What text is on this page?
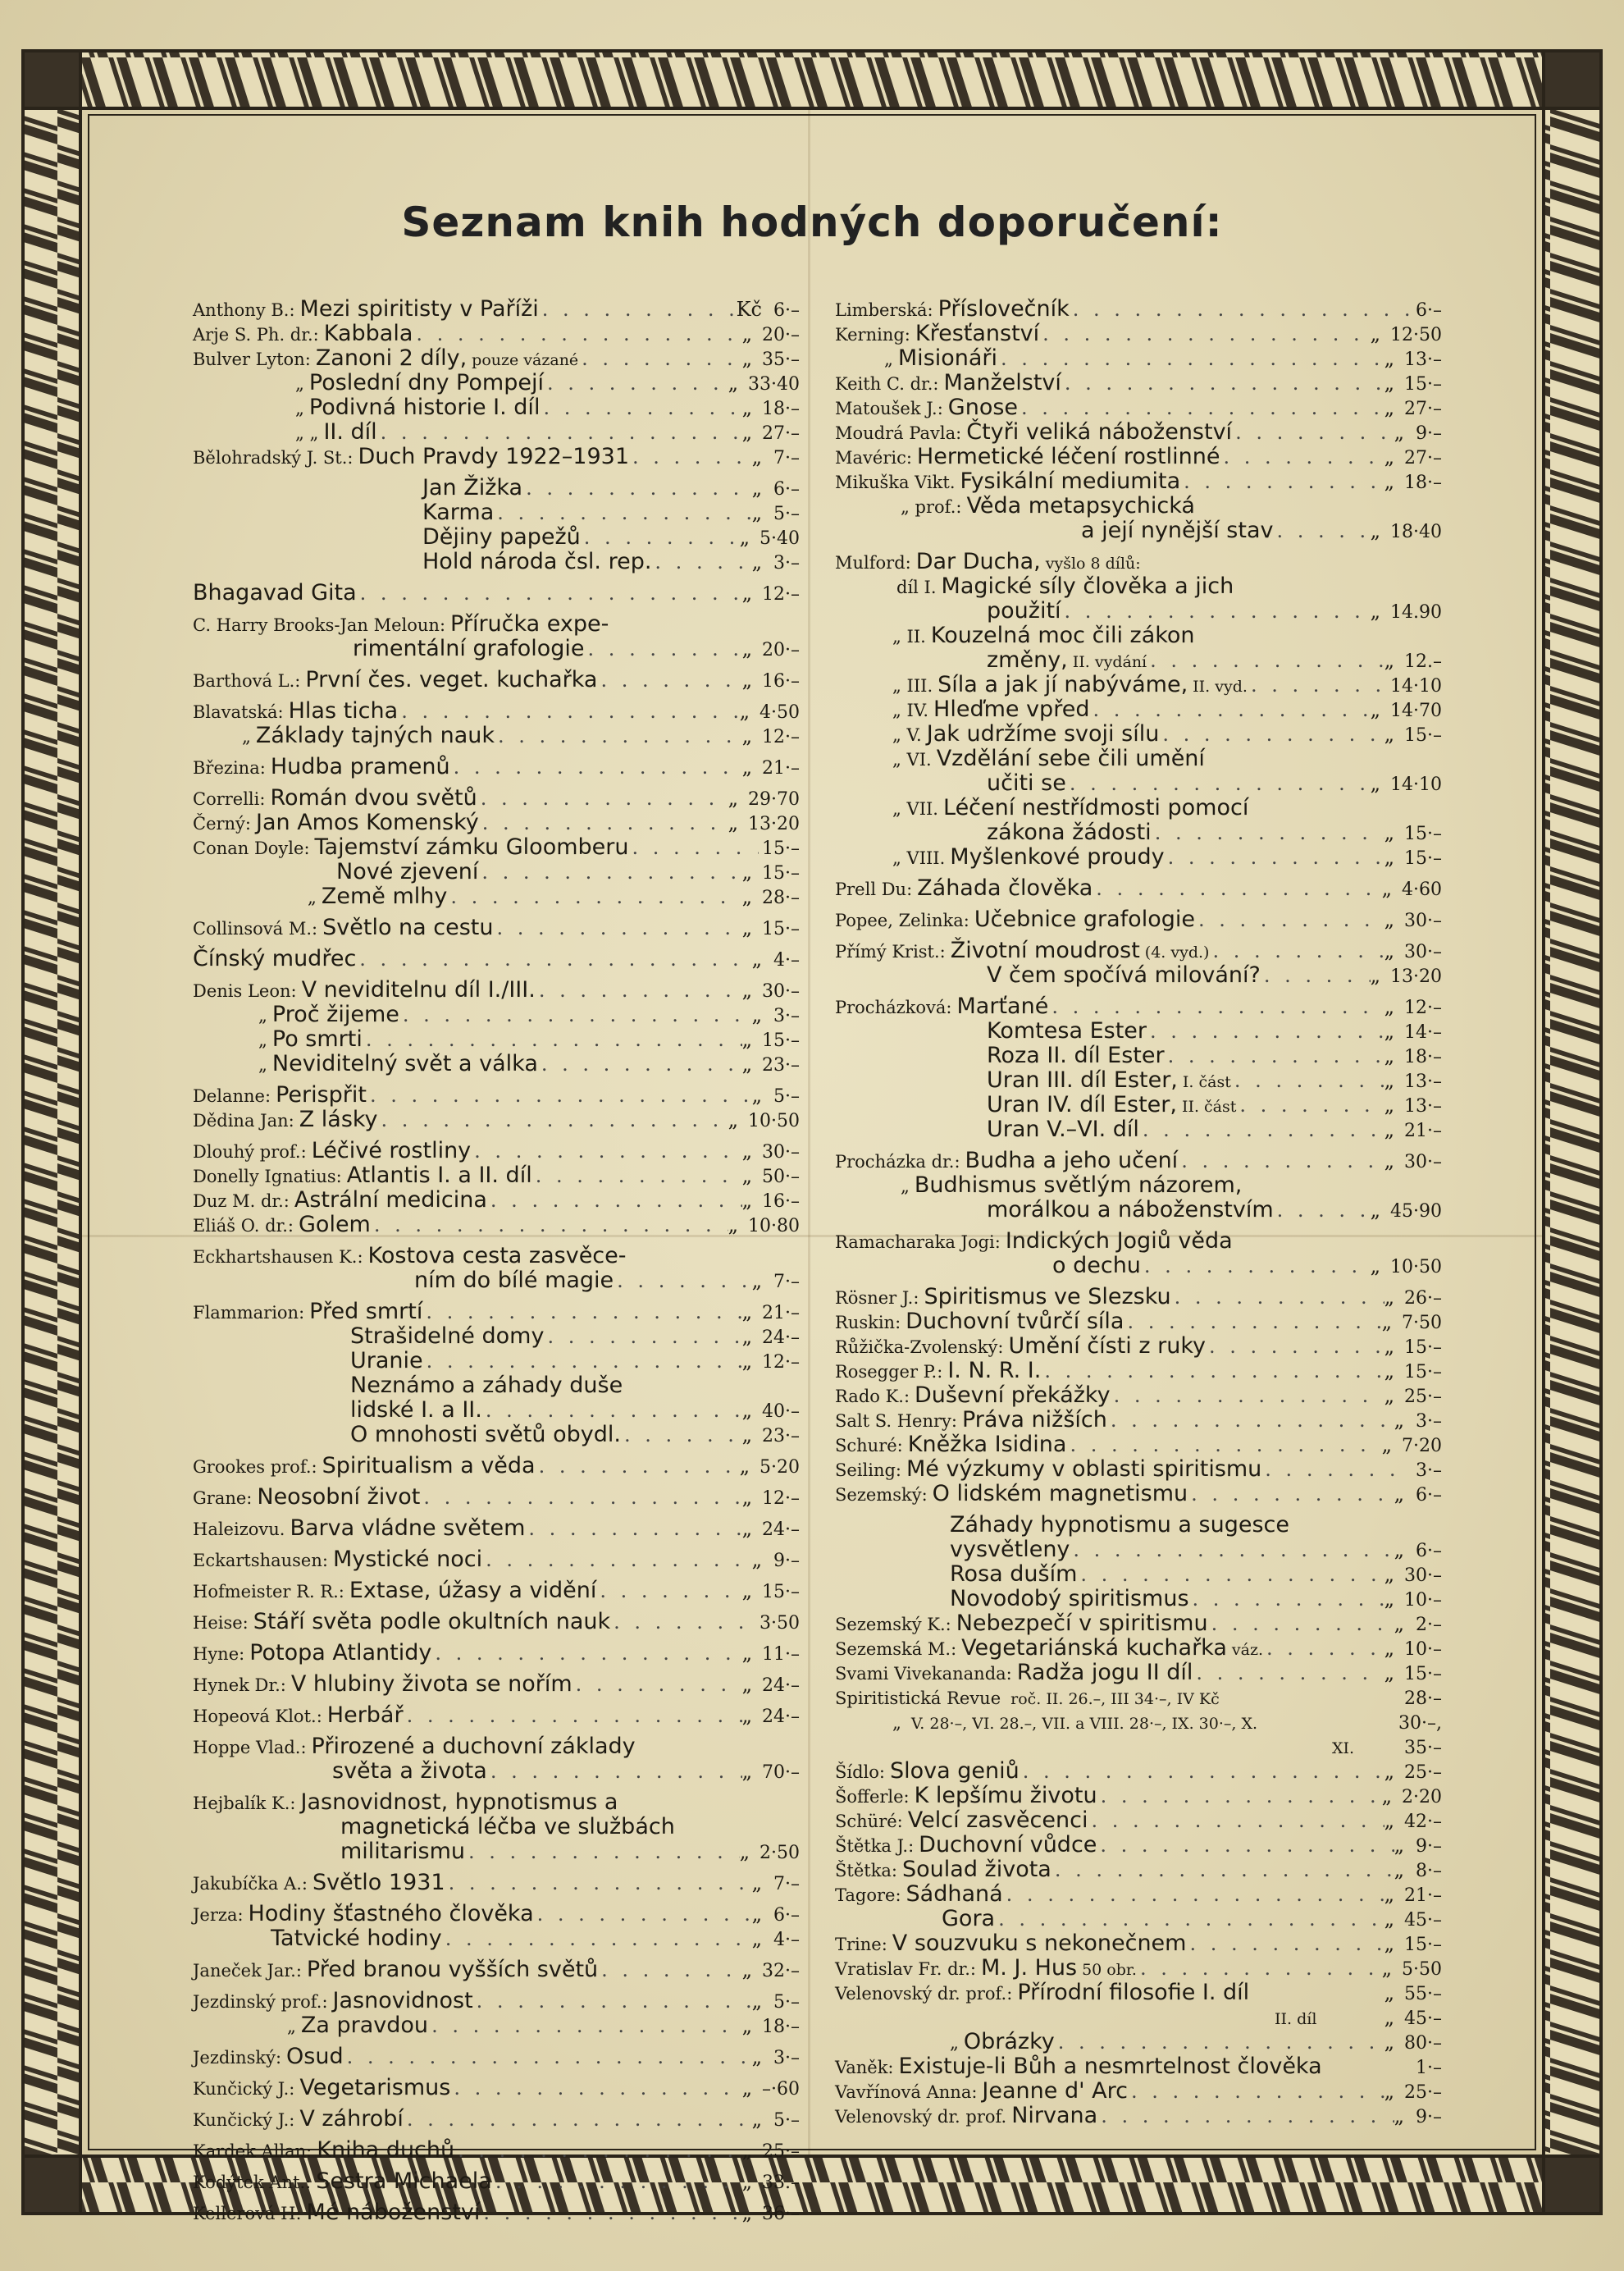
Seznam knih hodných doporučení:
Anthony B.: Mezi spiritisty v Paříži . . .	Kč 6·–
Arje S. Ph. dr.: Kabbala . . .	„ 20·–
Bulver Lyton: Zanoni 2 díly, pouze vázané . . .	„ 35·–
„ Poslední dny Pompejí . . .	„ 33·40
„ Podivná historie I. díl . . .	„ 18·–
„ „ II. díl . . .	„ 27·–
Bělohradský J. St.: Duch Pravdy 1922–1931 . . .	„ 7·–
Jan Žižka . . .	„ 6·–
Karma . . .	„ 5·–
Dějiny papežů . . .	„ 5·40
Hold národa čsl. rep. . . .	„ 3·–
Bhagavad Gita . . .	„ 12·–
C. Harry Brooks-Jan Meloun: Příručka expe-
rimentální grafologie . . .	„ 20·–
Barthová L.: První čes. veget. kuchařka . . .	„ 16·–
Blavatská: Hlas ticha . . .	„ 4·50
„ Základy tajných nauk . . .	„ 12·–
Březina: Hudba pramenů . . .	„ 21·–
Correlli: Román dvou světů . . .	„ 29·70
Černý: Jan Amos Komenský . . .	„ 13·20
Conan Doyle: Tajemství zámku Gloomberu . . .	15·–
Nové zjevení . . .	„ 15·–
„ Země mlhy . . .	„ 28·–
Collinsová M.: Světlo na cestu . . .	„ 15·–
Čínský mudřec . . .	„ 4·–
Denis Leon: V neviditelnu díl I./III. . . .	„ 30·–
„ Proč žijeme . . .	„ 3·–
„ Po smrti . . .	„ 15·–
„ Neviditelný svět a válka . . .	„ 23·–
Delanne: Perispřit . . .	„ 5·–
Dědina Jan: Z lásky . . .	„ 10·50
Dlouhý prof.: Léčivé rostliny . . .	„ 30·–
Donelly Ignatius: Atlantis I. a II. díl . . .	„ 50·–
Duz M. dr.: Astrální medicina . . .	„ 16·–
Eliáš O. dr.: Golem . . .	„ 10·80
Eckhartshausen K.: Kostova cesta zasvěce-
ním do bílé magie . . .	„ 7·–
Flammarion: Před smrtí . . .	„ 21·–
Strašidelné domy . . .	„ 24·–
Uranie . . .	„ 12·–
Neznámo a záhady duše
lidské I. a II. . . .	„ 40·–
O mnohosti světů obydl. . . .	„ 23·–
Grookes prof.: Spiritualism a věda . . .	„ 5·20
Grane: Neosobní život . . .	„ 12·–
Haleizovu. Barva vládne světem . . .	„ 24·–
Eckartshausen: Mystické noci . . .	„ 9·–
Hofmeister R. R.: Extase, úžasy a vidění . . .	„ 15·–
Heise: Stáří světa podle okultních nauk . . .	3·50
Hyne: Potopa Atlantidy . . .	„ 11·–
Hynek Dr.: V hlubiny života se nořím . . .	„ 24·–
Hopeová Klot.: Herbář . . .	„ 24·–
Hoppe Vlad.: Přirozené a duchovní základy
světa a života . . .	„ 70·–
Hejbalík K.: Jasnovidnost, hypnotismus a
magnetická léčba ve službách
militarismu . . .	„ 2·50
Jakubíčka A.: Světlo 1931 . . .	„ 7·–
Jerza: Hodiny šťastného člověka . . .	„ 6·–
Tatvické hodiny . . .	„ 4·–
Janeček Jar.: Před branou vyšších světů . . .	„ 32·–
Jezdinský prof.: Jasnovidnost . . .	„ 5·–
„ Za pravdou . . .	„ 18·–
Jezdinský: Osud . . .	„ 3·–
Kunčický J.: Vegetarismus . . .	„ –·60
Kunčický J.: V záhrobí . . .	„ 5·–
Kardek Allan: Kniha duchů . . .	„ 25·–
Kodýtek Ant.: Sestra Michaela . . .	„ 33.–
Kellerová H: Mé náboženství . . .	„ 36·–
Limberská: Příslovečník . . .	6·–
Kerning: Křesťanství . . .	„ 12·50
„ Misionáři . . .	„ 13·–
Keith C. dr.: Manželství . . .	„ 15·–
Matoušek J.: Gnose . . .	„ 27·–
Moudrá Pavla: Čtyři veliká náboženství . . .	„ 9·–
Mavéric: Hermetické léčení rostlinné . . .	„ 27·–
Mikuška Vikt. Fysikální mediumita . . .	„ 18·–
„ prof.: Věda metapsychická
a její nynější stav . . .	„ 18·40
Mulford: Dar Ducha, vyšlo 8 dílů:
díl I. Magické síly člověka a jich
použití . . .	„ 14.90
„ II. Kouzelná moc čili zákon
změny, II. vydání . . .	„ 12.–
„ III. Síla a jak jí nabýváme, II. vyd. . . .	14·10
„ IV. Hleďme vpřed . . .	„ 14·70
„ V. Jak udržíme svoji sílu . . .	„ 15·–
„ VI. Vzdělání sebe čili umění
učiti se . . .	„ 14·10
„ VII. Léčení nestřídmosti pomocí
zákona žádosti . . .	„ 15·–
„ VIII. Myšlenkové proudy . . .	„ 15·–
Prell Du: Záhada člověka . . .	„ 4·60
Popee, Zelinka: Učebnice grafologie . . .	„ 30·–
Přímý Krist.: Životní moudrost (4. vyd.) . . .	„ 30·–
V čem spočívá milování? . . .	„ 13·20
Procházková: Marťané . . .	„ 12·–
Komtesa Ester . . .	„ 14·–
Roza II. díl Ester . . .	„ 18·–
Uran III. díl Ester, I. část . . .	„ 13·–
Uran IV. díl Ester, II. část . . .	„ 13·–
Uran V.–VI. díl . . .	„ 21·–
Procházka dr.: Budha a jeho učení . . .	„ 30·–
„ Budhismus světlým názorem,
morálkou a náboženstvím . . .	„ 45·90
Ramacharaka Jogi: Indických Jogiů věda
o dechu . . .	„ 10·50
Rösner J.: Spiritismus ve Slezsku . . .	„ 26·–
Ruskin: Duchovní tvůrčí síla . . .	„ 7·50
Růžička-Zvolenský: Umění čísti z ruky . . .	„ 15·–
Rosegger P.: I. N. R. I. . . .	„ 15·–
Rado K.: Duševní překážky . . .	„ 25·–
Salt S. Henry: Práva nižších . . .	„ 3·–
Schuré: Kněžka Isidina . . .	„ 7·20
Seiling: Mé výzkumy v oblasti spiritismu . . .	3·–
Sezemský: O lidském magnetismu . . .	„ 6·–
Záhady hypnotismu a sugesce
vysvětleny . . .	„ 6·–
Rosa duším . . .	„ 30·–
Novodobý spiritismus . . .	„ 10·–
Sezemský K.: Nebezpečí v spiritismu . . .	„ 2·–
Sezemská M.: Vegetariánská kuchařka váz. . . .	„ 10·–
Svami Vivekananda: Radža jogu II díl . . .	„ 15·–
Spiritistická Revue roč. II. 26.–, III 34·–, IV Kč	28·–
„ V. 28·–, VI. 28.–, VII. a VIII. 28·–, IX. 30·–, X.	30·–,
XI.	35·–
Šídlo: Slova geniů . . .	„ 25·–
Šofferle: K lepšímu životu . . .	„ 2·20
Schüré: Velcí zasvěcenci . . .	„ 42·–
Štětka J.: Duchovní vůdce . . .	„ 9·–
Štětka: Soulad života . . .	„ 8·–
Tagore: Sádhaná . . .	„ 21·–
Gora . . .	„ 45·–
Trine: V souzvuku s nekonečnem . . .	„ 15·–
Vratislav Fr. dr.: M. J. Hus 50 obr. . . .	„ 5·50
Velenovský dr. prof.: Přírodní filosofie I. díl	„ 55·–
II. díl	„ 45·–
„ Obrázky . . .	„ 80·–
Vaněk: Existuje-li Bůh a nesmrtelnost člověka	1·–
Vavřínová Anna: Jeanne d' Arc . . .	„ 25·–
Velenovský dr. prof. Nirvana . . .	„ 9·–
